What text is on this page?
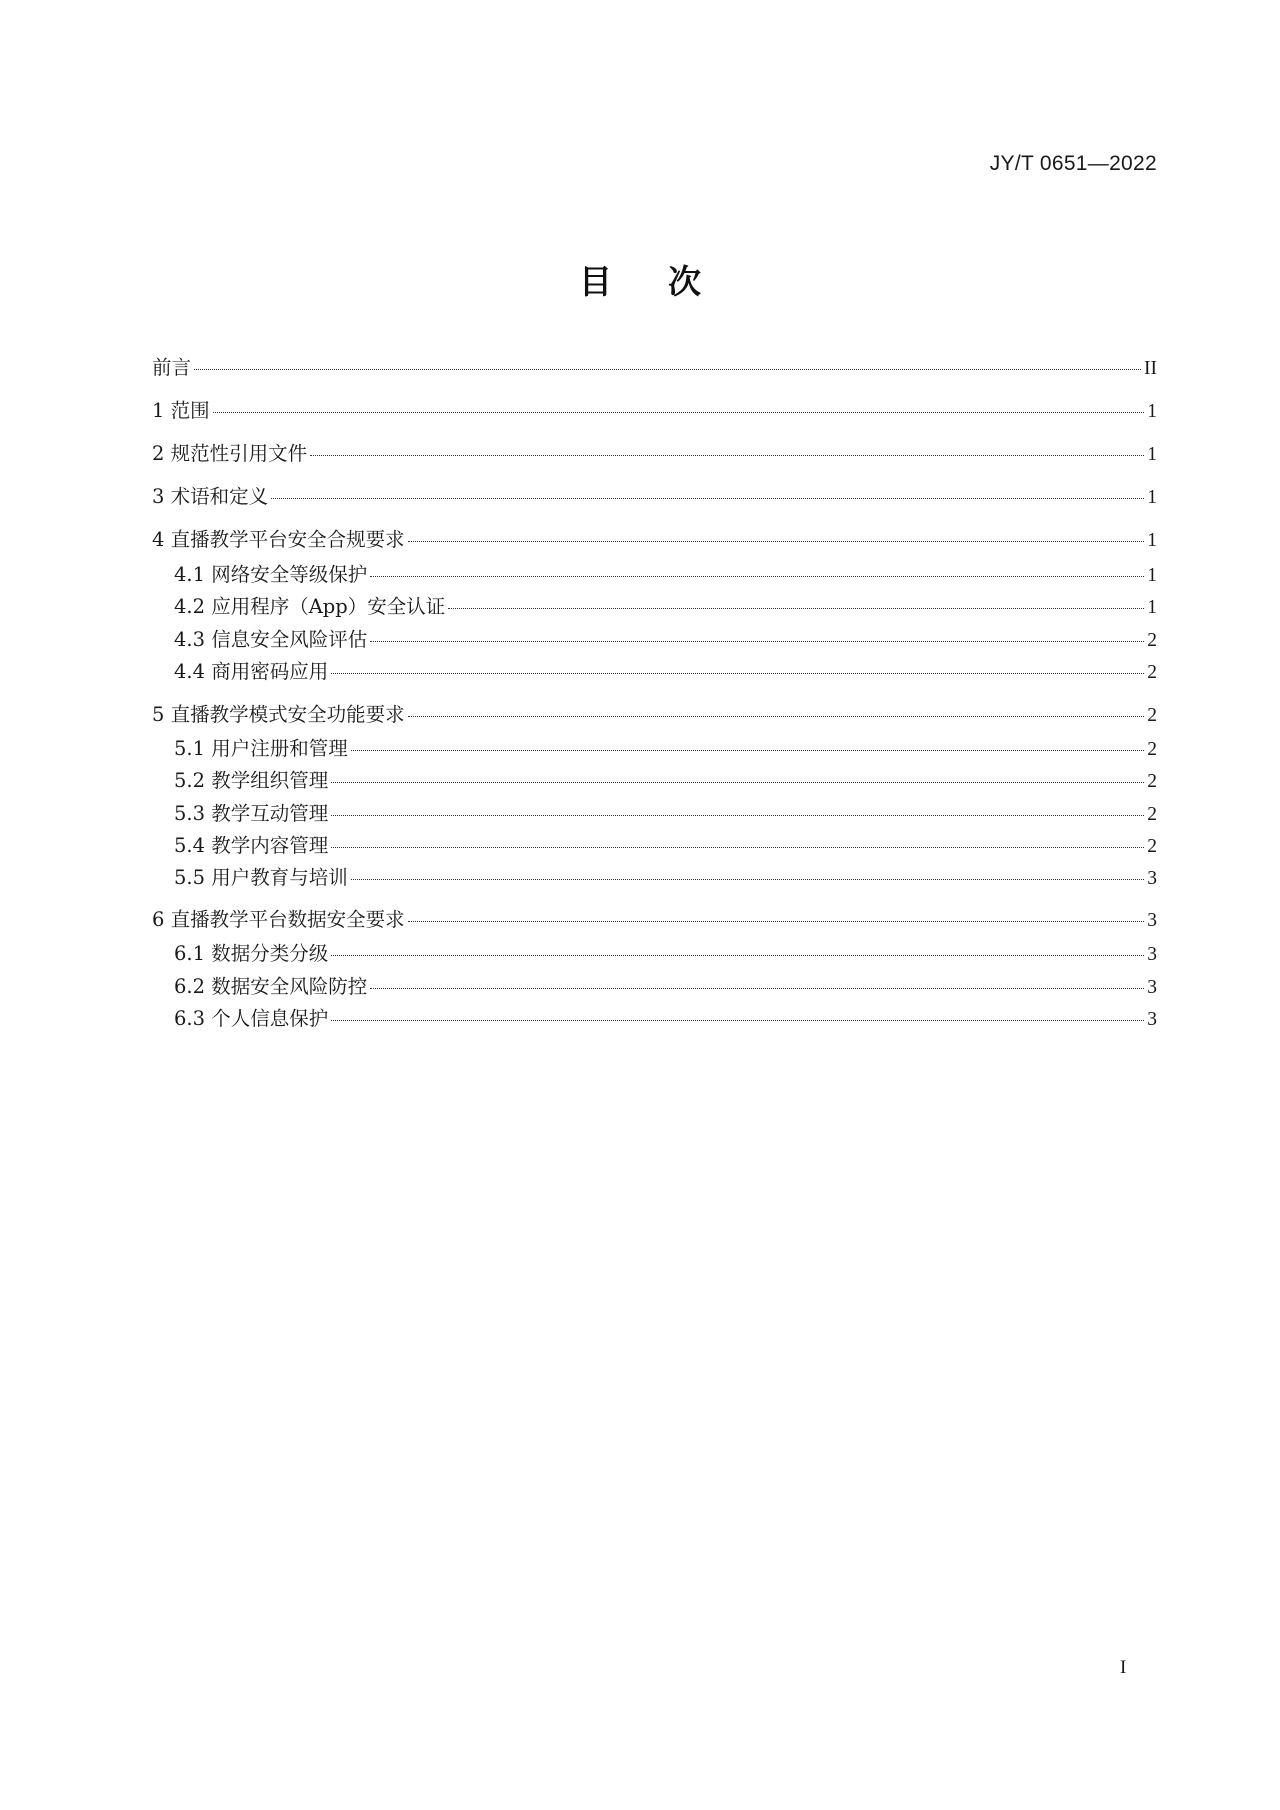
JY/T 0651—2022
目次
前言	II
1 范围	1
2 规范性引用文件	1
3 术语和定义	1
4 直播教学平台安全合规要求	1
4.1 网络安全等级保护	1
4.2 应用程序（App）安全认证	1
4.3 信息安全风险评估	2
4.4 商用密码应用	2
5 直播教学模式安全功能要求	2
5.1 用户注册和管理	2
5.2 教学组织管理	2
5.3 教学互动管理	2
5.4 教学内容管理	2
5.5 用户教育与培训	3
6 直播教学平台数据安全要求	3
6.1 数据分类分级	3
6.2 数据安全风险防控	3
6.3 个人信息保护	3
I
